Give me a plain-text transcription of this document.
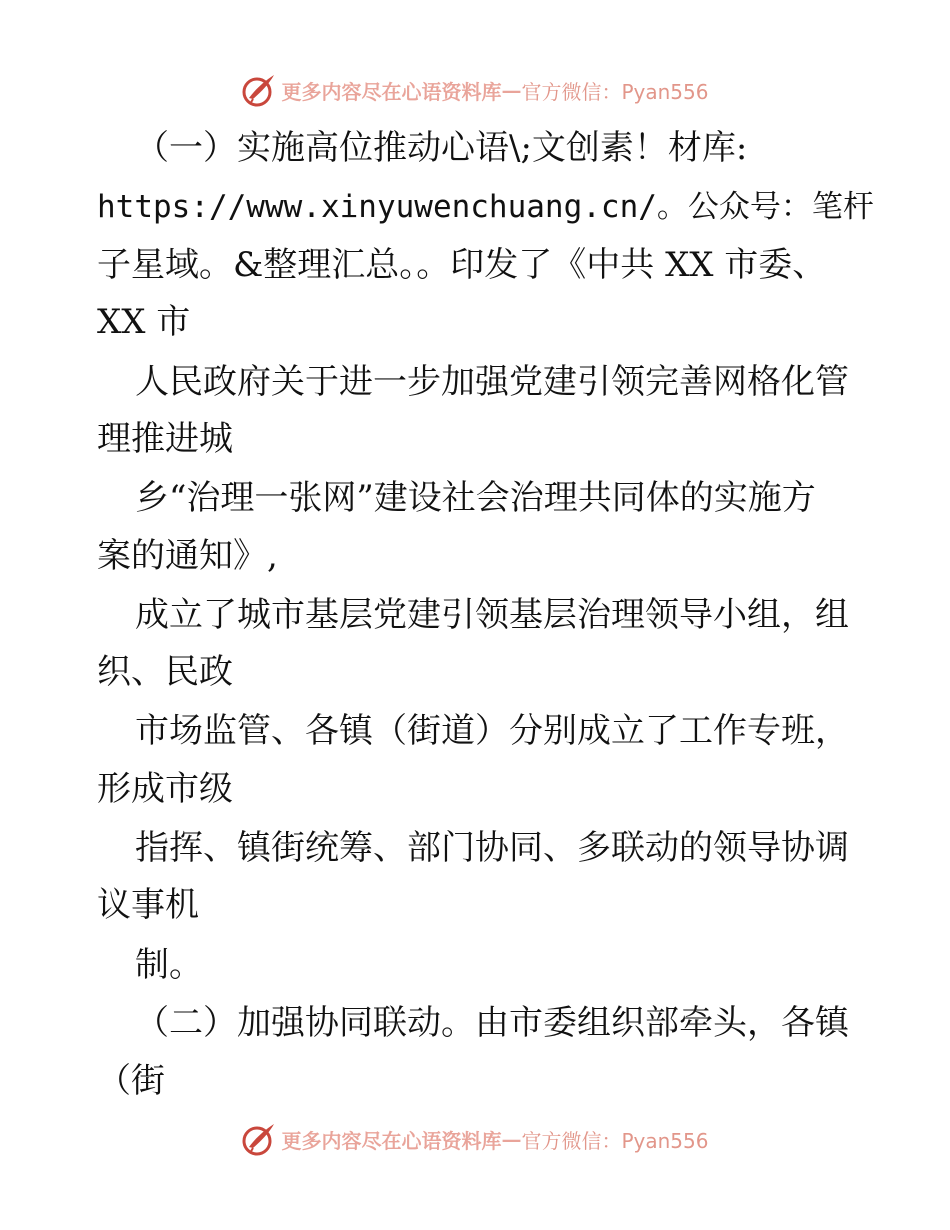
更多内容尽在心语资料库 — 官方微信：Pyan556
（一）实施高位推动心语\;文创素！材库:
https://www.xinyuwenchuang.cn/。公众号：笔杆
子星域。&整理汇总。。印发了《中共 XX 市委、
XX 市
人民政府关于进一步加强党建引领完善网格化管
理推进城
乡“治理一张网”建设社会治理共同体的实施方
案的通知》,
成立了城市基层党建引领基层治理领导小组，组
织、民政
市场监管、各镇（街道）分别成立了工作专班，
形成市级
指挥、镇街统筹、部门协同、多联动的领导协调
议事机
制。
（二）加强协同联动。由市委组织部牵头，各镇
（街
更多内容尽在心语资料库 — 官方微信：Pyan556
